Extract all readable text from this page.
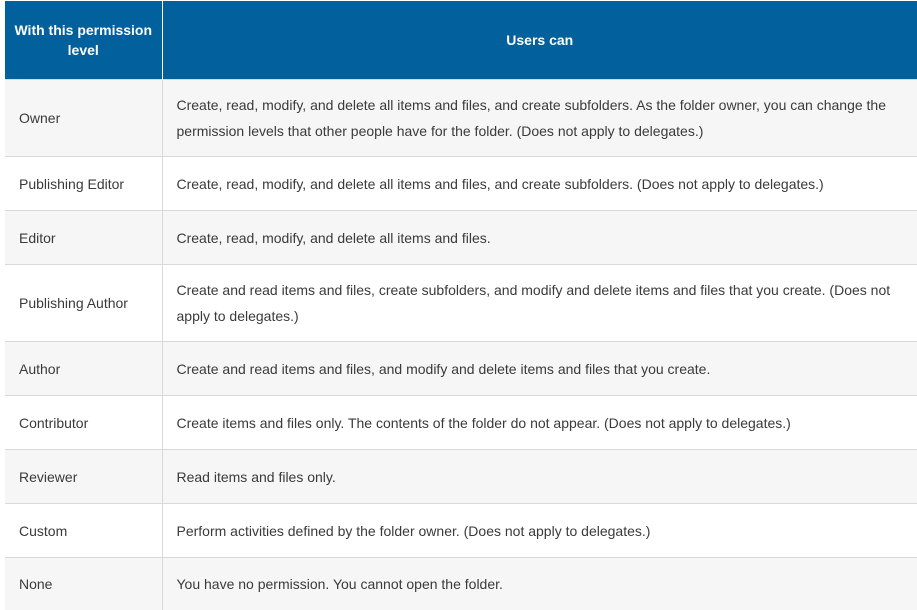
With this permission level	Users can
Owner	Create, read, modify, and delete all items and files, and create subfolders. As the folder owner, you can change the permission levels that other people have for the folder. (Does not apply to delegates.)
Publishing Editor	Create, read, modify, and delete all items and files, and create subfolders. (Does not apply to delegates.)
Editor	Create, read, modify, and delete all items and files.
Publishing Author	Create and read items and files, create subfolders, and modify and delete items and files that you create. (Does not apply to delegates.)
Author	Create and read items and files, and modify and delete items and files that you create.
Contributor	Create items and files only. The contents of the folder do not appear. (Does not apply to delegates.)
Reviewer	Read items and files only.
Custom	Perform activities defined by the folder owner. (Does not apply to delegates.)
None	You have no permission. You cannot open the folder.
